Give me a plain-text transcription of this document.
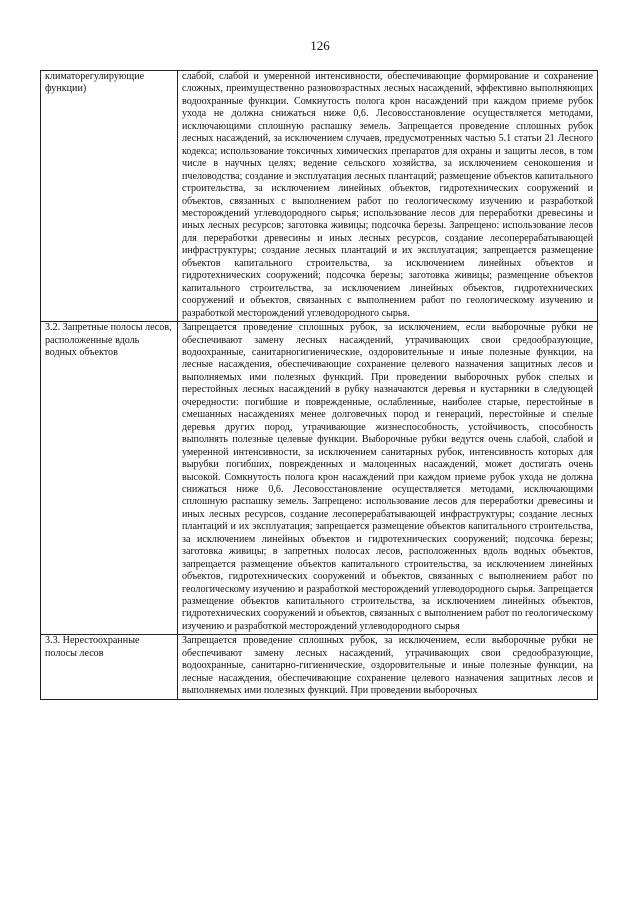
126
климаторегулирующие функции)	слабой, слабой и умеренной интенсивности, обеспечивающие формирование и сохранение сложных, преимущественно разновозрастных лесных насаждений, эффективно выполняющих водоохранные функции. Сомкнутость полога крон насаждений при каждом приеме рубок ухода не должна снижаться ниже 0,6. Лесовосстановление осуществляется методами, исключающими сплошную распашку земель. Запрещается проведение сплошных рубок лесных насаждений, за исключением случаев, предусмотренных частью 5.1 статьи 21 Лесного кодекса; использование токсичных химических препаратов для охраны и защиты лесов, в том числе в научных целях; ведение сельского хозяйства, за исключением сенокошения и пчеловодства; создание и эксплуатация лесных плантаций; размещение объектов капитального строительства, за исключением линейных объектов, гидротехнических сооружений и объектов, связанных с выполнением работ по геологическому изучению и разработкой месторождений углеводородного сырья; использование лесов для переработки древесины и иных лесных ресурсов; заготовка живицы; подсочка березы. Запрещено: использование лесов для переработки древесины и иных лесных ресурсов, создание лесоперерабатывающей инфраструктуры; создание лесных плантаций и их эксплуатация; запрещается размещение объектов капитального строительства, за исключением линейных объектов и гидротехнических сооружений; подсочка березы; заготовка живицы; размещение объектов капитального строительства, за исключением линейных объектов, гидротехнических сооружений и объектов, связанных с выполнением работ по геологическому изучению и разработкой месторождений углеводородного сырья.
3.2. Запретные полосы лесов, расположенные вдоль водных объектов	Запрещается проведение сплошных рубок, за исключением, если выборочные рубки не обеспечивают замену лесных насаждений, утрачивающих свои средообразующие, водоохранные, санитарногигиенические, оздоровительные и иные полезные функции, на лесные насаждения, обеспечивающие сохранение целевого назначения защитных лесов и выполняемых ими полезных функций. При проведении выборочных рубок спелых и перестойных лесных насаждений в рубку назначаются деревья и кустарники в следующей очередности: погибшие и поврежденные, ослабленные, наиболее старые, перестойные в смешанных насаждениях менее долговечных пород и генераций, перестойные и спелые деревья других пород, утрачивающие жизнеспособность, устойчивость, способность выполнять полезные целевые функции. Выборочные рубки ведутся очень слабой, слабой и умеренной интенсивности, за исключением санитарных рубок, интенсивность которых для вырубки погибших, поврежденных и малоценных насаждений, может достигать очень высокой. Сомкнутость полога крон насаждений при каждом приеме рубок ухода не должна снижаться ниже 0,6. Лесовосстановление осуществляется методами, исключающими сплошную распашку земель. Запрещено: использование лесов для переработки древесины и иных лесных ресурсов, создание лесоперерабатывающей инфраструктуры; создание лесных плантаций и их эксплуатация; запрещается размещение объектов капитального строительства, за исключением линейных объектов и гидротехнических сооружений; подсочка березы; заготовка живицы; в запретных полосах лесов, расположенных вдоль водных объектов, запрещается размещение объектов капитального строительства, за исключением линейных объектов, гидротехнических сооружений и объектов, связанных с выполнением работ по геологическому изучению и разработкой месторождений углеводородного сырья. Запрещается размещение объектов капитального строительства, за исключением линейных объектов, гидротехнических сооружений и объектов, связанных с выполнением работ по геологическому изучению и разработкой месторождений углеводородного сырья
3.3. Нерестоохранные полосы лесов	Запрещается проведение сплошных рубок, за исключением, если выборочные рубки не обеспечивают замену лесных насаждений, утрачивающих свои средообразующие, водоохранные, санитарно-гигиенические, оздоровительные и иные полезные функции, на лесные насаждения, обеспечивающие сохранение целевого назначения защитных лесов и выполняемых ими полезных функций. При проведении выборочных
